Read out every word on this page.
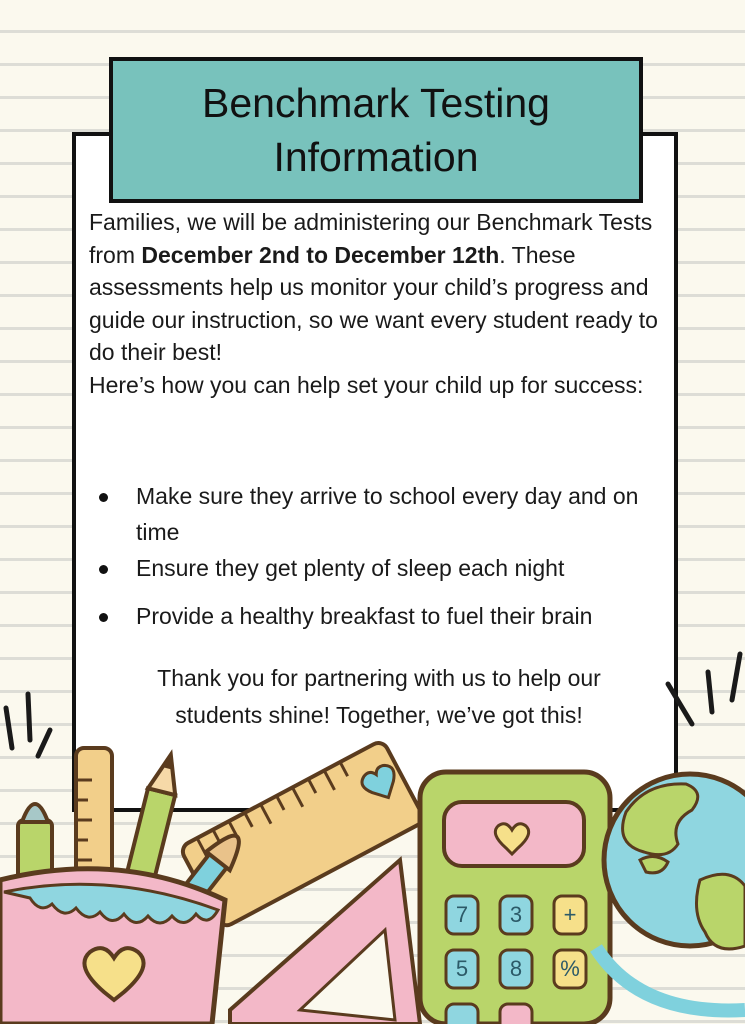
Benchmark Testing
Information

Families, we will be administering our Benchmark Tests from December 2nd to December 12th. These assessments help us monitor your child’s progress and guide our instruction, so we want every student ready to do their best!

Here’s how you can help set your child up for success:

Make sure they arrive to school every day and on time
Ensure they get plenty of sleep each night
Provide a healthy breakfast to fuel their brain

Thank you for partnering with us to help our
students shine! Together, we’ve got this!

7 3 +
5 8 %
